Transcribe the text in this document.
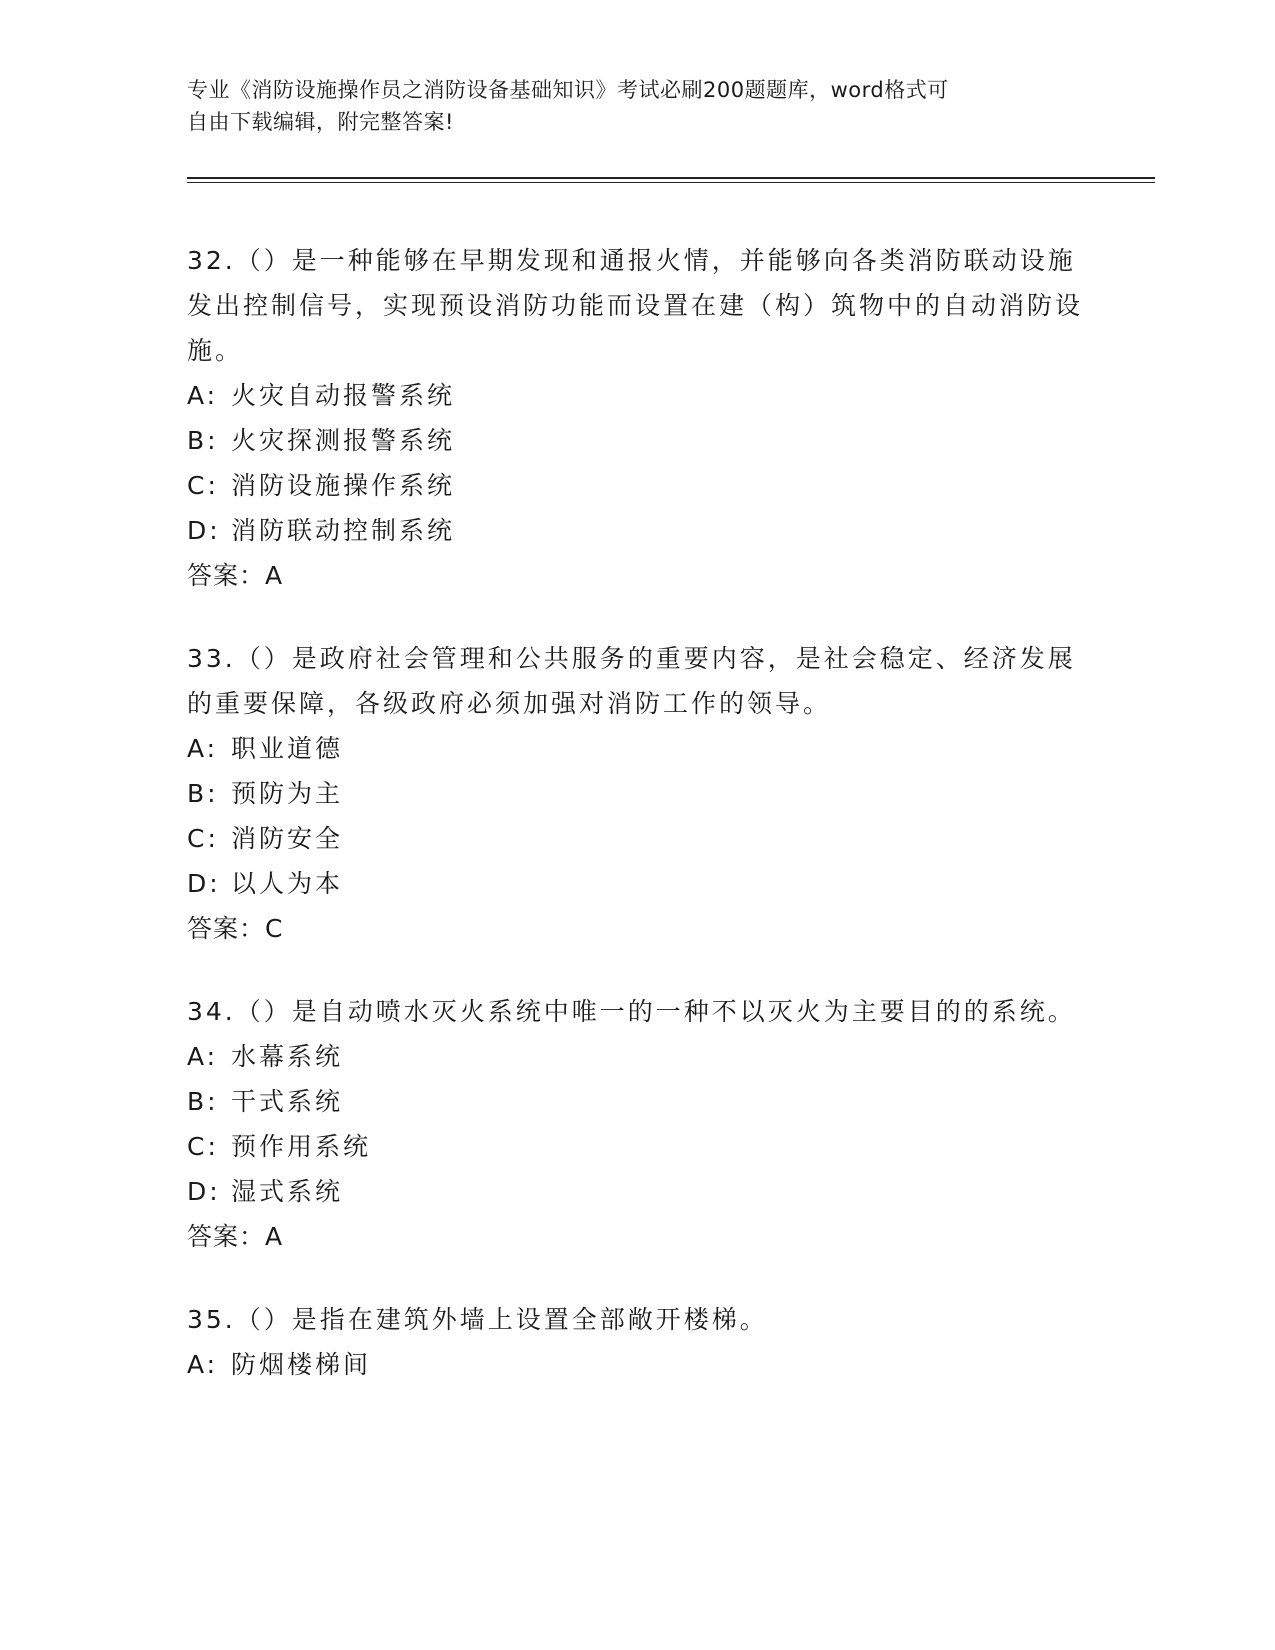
专业《消防设施操作员之消防设备基础知识》考试必刷200题题库，word格式可
自由下载编辑，附完整答案!

32.（）是一种能够在早期发现和通报火情，并能够向各类消防联动设施发出控制信号，实现预设消防功能而设置在建（构）筑物中的自动消防设施。

A: 火灾自动报警系统

B: 火灾探测报警系统

C: 消防设施操作系统

D: 消防联动控制系统

答案：A

33.（）是政府社会管理和公共服务的重要内容，是社会稳定、经济发展的重要保障，各级政府必须加强对消防工作的领导。

A: 职业道德

B: 预防为主

C: 消防安全

D: 以人为本

答案：C

34.（）是自动喷水灭火系统中唯一的一种不以灭火为主要目的的系统。

A: 水幕系统

B: 干式系统

C: 预作用系统

D: 湿式系统

答案：A

35.（）是指在建筑外墙上设置全部敞开楼梯。

A: 防烟楼梯间
